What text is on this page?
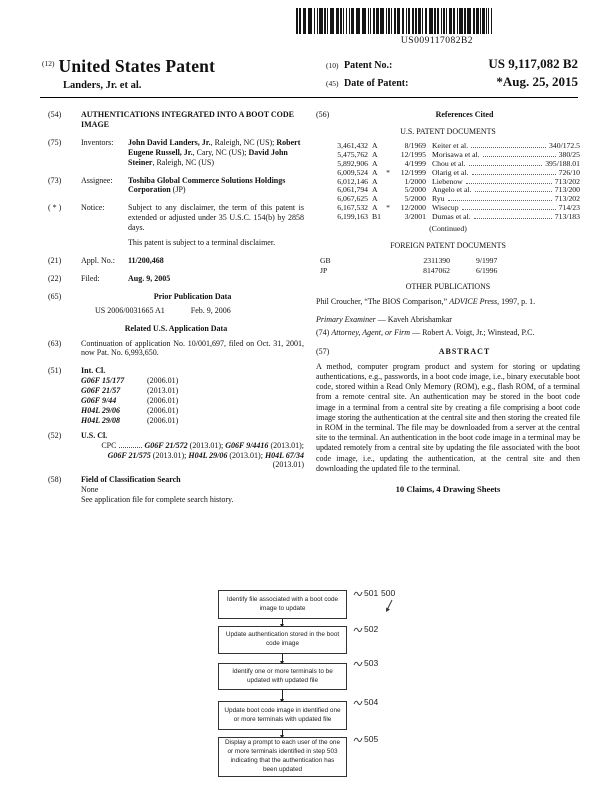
US009117082B2
$^{(12)}$ United States Patent
Landers, Jr. et al.
(10) Patent No.:	US 9,117,082 B2
(45) Date of Patent:	*Aug. 25, 2015
(54)	AUTHENTICATIONS INTEGRATED INTO A BOOT CODE IMAGE
(75)	Inventors:	John David Landers, Jr., Raleigh, NC (US); Robert Eugene Russell, Jr., Cary, NC (US); David John Steiner, Raleigh, NC (US)
(73)	Assignee:	Toshiba Global Commerce Solutions Holdings Corporation (JP)
( * )	Notice:	Subject to any disclaimer, the term of this patent is extended or adjusted under 35 U.S.C. 154(b) by 2858 days.
This patent is subject to a terminal disclaimer.
(21)	Appl. No.:	11/200,468
(22)	Filed:	Aug. 9, 2005
(65)	Prior Publication Data
US 2006/0031665 A1	Feb. 9, 2006
Related U.S. Application Data
(63)	Continuation of application No. 10/001,697, filed on Oct. 31, 2001, now Pat. No. 6,993,650.
(51)	Int. Cl.
G06F 15/177	(2006.01)
G06F 21/57	(2013.01)
G06F 9/44	(2006.01)
H04L 29/06	(2006.01)
H04L 29/08	(2006.01)
(52)	U.S. Cl.
CPC ............ G06F 21/572 (2013.01); G06F 9/4416 (2013.01); G06F 21/575 (2013.01); H04L 29/06 (2013.01); H04L 67/34 (2013.01)
(58)	Field of Classification Search
None
See application file for complete search history.
(56)	References Cited
U.S. PATENT DOCUMENTS
3,461,432 A	8/1969 Keiter et al.	340/172.5
5,475,762 A	12/1995 Morisawa et al.	380/25
5,892,906 A	4/1999 Chou et al.	395/188.01
6,009,524 A	*	12/1999 Olarig et al.	726/10
6,012,146 A	1/2000 Liebenow	713/202
6,061,794 A	5/2000 Angelo et al.	713/200
6,067,625 A	5/2000 Ryu	713/202
6,167,532 A	*	12/2000 Wisecup	714/23
6,199,163 B1	3/2001 Dumas et al.	713/183
(Continued)
FOREIGN PATENT DOCUMENTS
GB	2311390	9/1997
JP	8147062	6/1996
OTHER PUBLICATIONS
Phil Croucher, “The BIOS Comparison,” ADVICE Press, 1997, p. 1.
Primary Examiner — Kaveh Abrishamkar
(74) Attorney, Agent, or Firm — Robert A. Voigt, Jr.; Winstead, P.C.
(57)	ABSTRACT
A method, computer program product and system for storing or updating authentications, e.g., passwords, in a boot code image, i.e., binary executable boot code, stored within a Read Only Memory (ROM), e.g., flash ROM, of a terminal from a remote central site. An authentication may be stored in the boot code image in a terminal from a central site by creating a file comprising a boot code image storing the authentication at the central site and then storing the created file in ROM in the terminal. The file may be downloaded from a server at the central site to the terminal. An authentication in the boot code image in a terminal may be updated remotely from a central site by updating the file associated with the boot code image, i.e., updating the authentication, at the central site and then downloading the updated file to the terminal.
10 Claims, 4 Drawing Sheets
Identify file associated with a boot code image to update
Update authentication stored in the boot code image
Identify one or more terminals to be updated with updated file
Update boot code image in identified one or more terminals with updated file
Display a prompt to each user of the one or more terminals identified in step 503 indicating that the authentication has been updated
501
502
503
504
505
500
